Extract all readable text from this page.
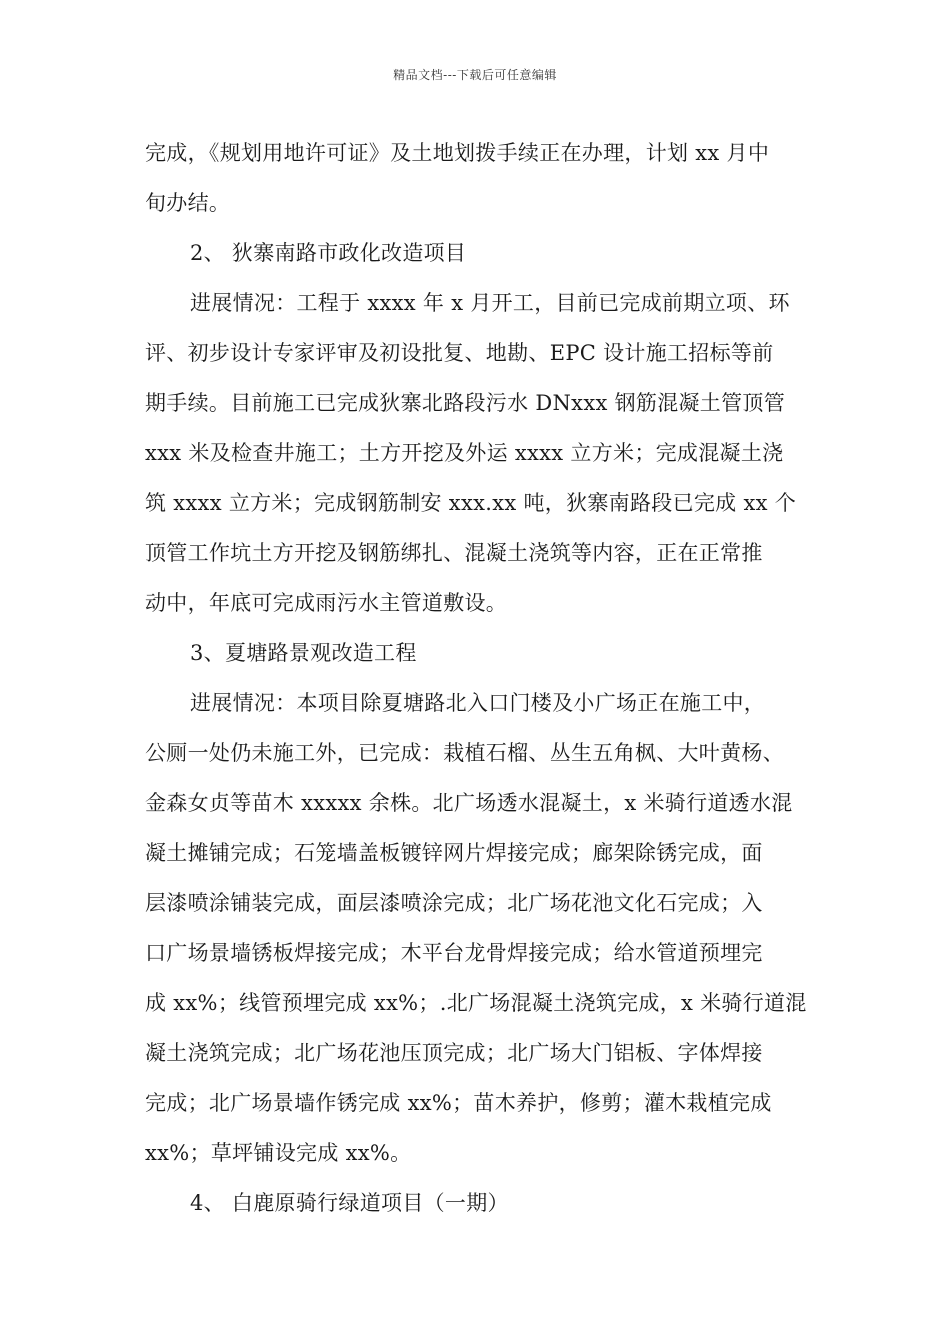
精品文档---下载后可任意编辑
完成，《规划用地许可证》及土地划拨手续正在办理，计划 xx 月中
旬办结。
2、 狄寨南路市政化改造项目
进展情况：工程于 xxxx 年 x 月开工，目前已完成前期立项、环
评、初步设计专家评审及初设批复、地勘、EPC 设计施工招标等前
期手续。目前施工已完成狄寨北路段污水 DNxxx 钢筋混凝土管顶管
xxx 米及检查井施工；土方开挖及外运 xxxx 立方米；完成混凝土浇
筑 xxxx 立方米；完成钢筋制安 xxx.xx 吨，狄寨南路段已完成 xx 个
顶管工作坑土方开挖及钢筋绑扎、混凝土浇筑等内容，正在正常推
动中，年底可完成雨污水主管道敷设。
3、夏塘路景观改造工程
进展情况：本项目除夏塘路北入口门楼及小广场正在施工中，
公厕一处仍未施工外，已完成：栽植石榴、丛生五角枫、大叶黄杨、
金森女贞等苗木 xxxxx 余株。北广场透水混凝土，x 米骑行道透水混
凝土摊铺完成；石笼墙盖板镀锌网片焊接完成；廊架除锈完成，面
层漆喷涂铺装完成，面层漆喷涂完成；北广场花池文化石完成；入
口广场景墙锈板焊接完成；木平台龙骨焊接完成；给水管道预埋完
成 xx%；线管预埋完成 xx%；.北广场混凝土浇筑完成，x 米骑行道混
凝土浇筑完成；北广场花池压顶完成；北广场大门铝板、字体焊接
完成；北广场景墙作锈完成 xx%；苗木养护，修剪；灌木栽植完成
xx%；草坪铺设完成 xx%。
4、 白鹿原骑行绿道项目（一期）
